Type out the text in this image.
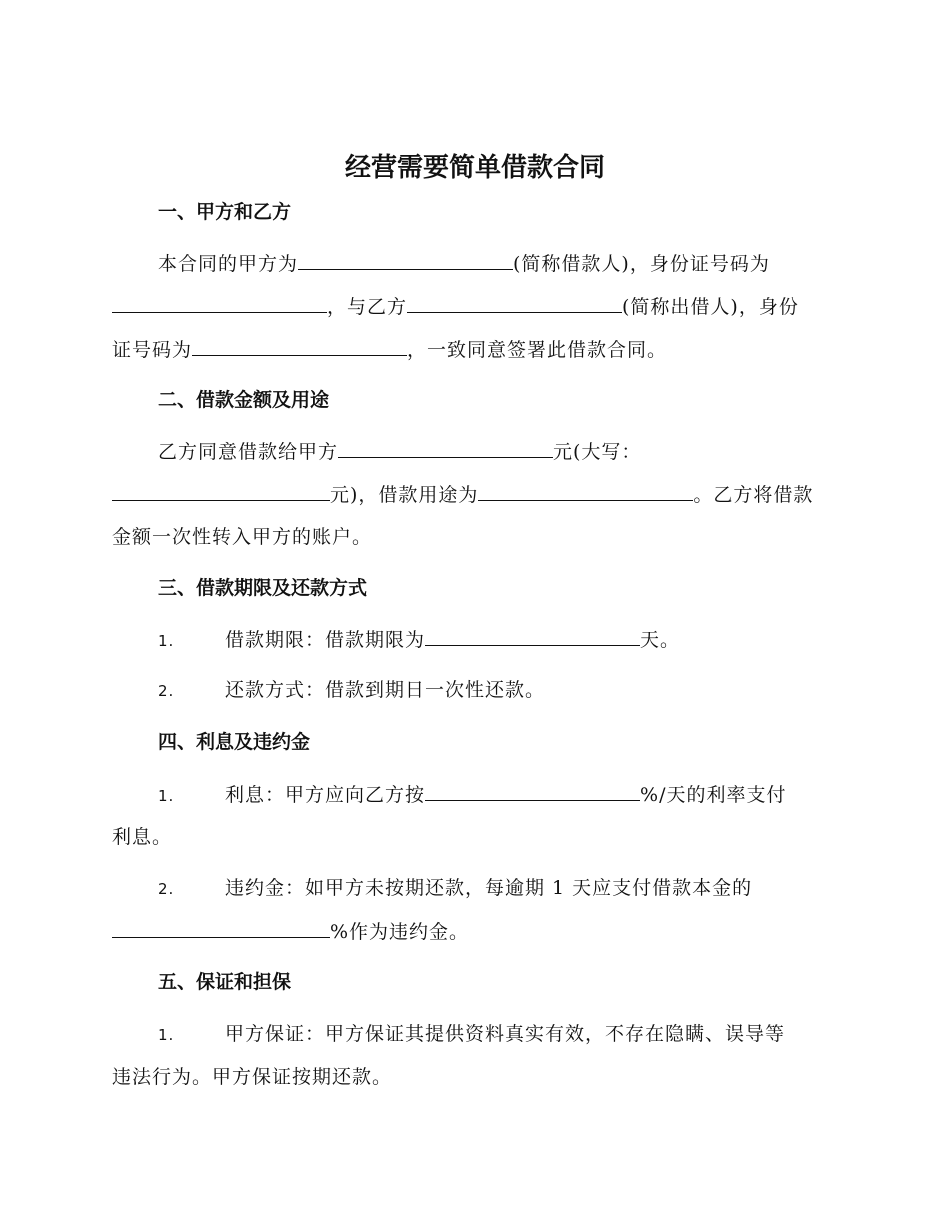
经营需要简单借款合同
一、甲方和乙方

本合同的甲方为	(简称借款人)，身份证号码为

，与乙方	(简称出借人)，身份

证号码为	，一致同意签署此借款合同。

二、借款金额及用途

乙方同意借款给甲方	元(大写：

元)，借款用途为	。乙方将借款

金额一次性转入甲方的账户。

三、借款期限及还款方式

1.	借款期限：借款期限为	天。

2.	还款方式：借款到期日一次性还款。

四、利息及违约金

1.	利息：甲方应向乙方按	%/天的利率支付

利息。

2.	违约金：如甲方未按期还款，每逾期 1 天应支付借款本金的

%作为违约金。

五、保证和担保

1.	甲方保证：甲方保证其提供资料真实有效，不存在隐瞒、误导等

违法行为。甲方保证按期还款。
